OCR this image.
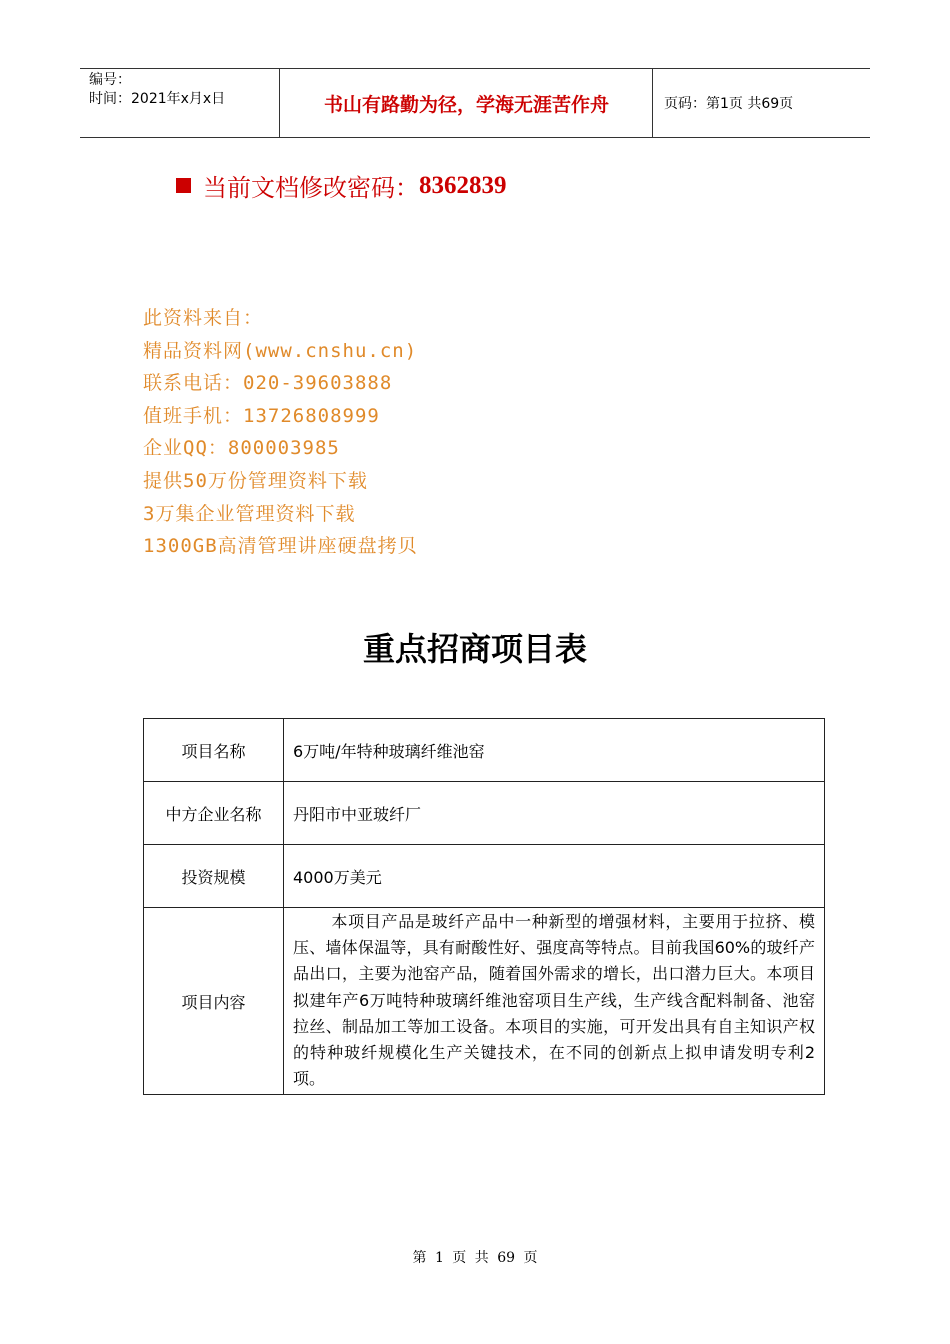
编号：
时间：2021年x月x日	书山有路勤为径，学海无涯苦作舟	页码：第1页 共69页
当前文档修改密码： 8362839
此资料来自：
精品资料网(www.cnshu.cn)
联系电话：020-39603888
值班手机：13726808999
企业QQ：800003985
提供50万份管理资料下载
3万集企业管理资料下载
1300GB高清管理讲座硬盘拷贝
重点招商项目表
项目名称	6万吨/年特种玻璃纤维池窑
中方企业名称	丹阳市中亚玻纤厂
投资规模	4000万美元
项目内容	本项目产品是玻纤产品中一种新型的增强材料，主要用于拉挤、模压、墙体保温等，具有耐酸性好、强度高等特点。目前我国60%的玻纤产品出口，主要为池窑产品，随着国外需求的增长，出口潜力巨大。本项目拟建年产6万吨特种玻璃纤维池窑项目生产线，生产线含配料制备、池窑拉丝、制品加工等加工设备。本项目的实施，可开发出具有自主知识产权的特种玻纤规模化生产关键技术，在不同的创新点上拟申请发明专利2项。
第 1 页 共 69 页
